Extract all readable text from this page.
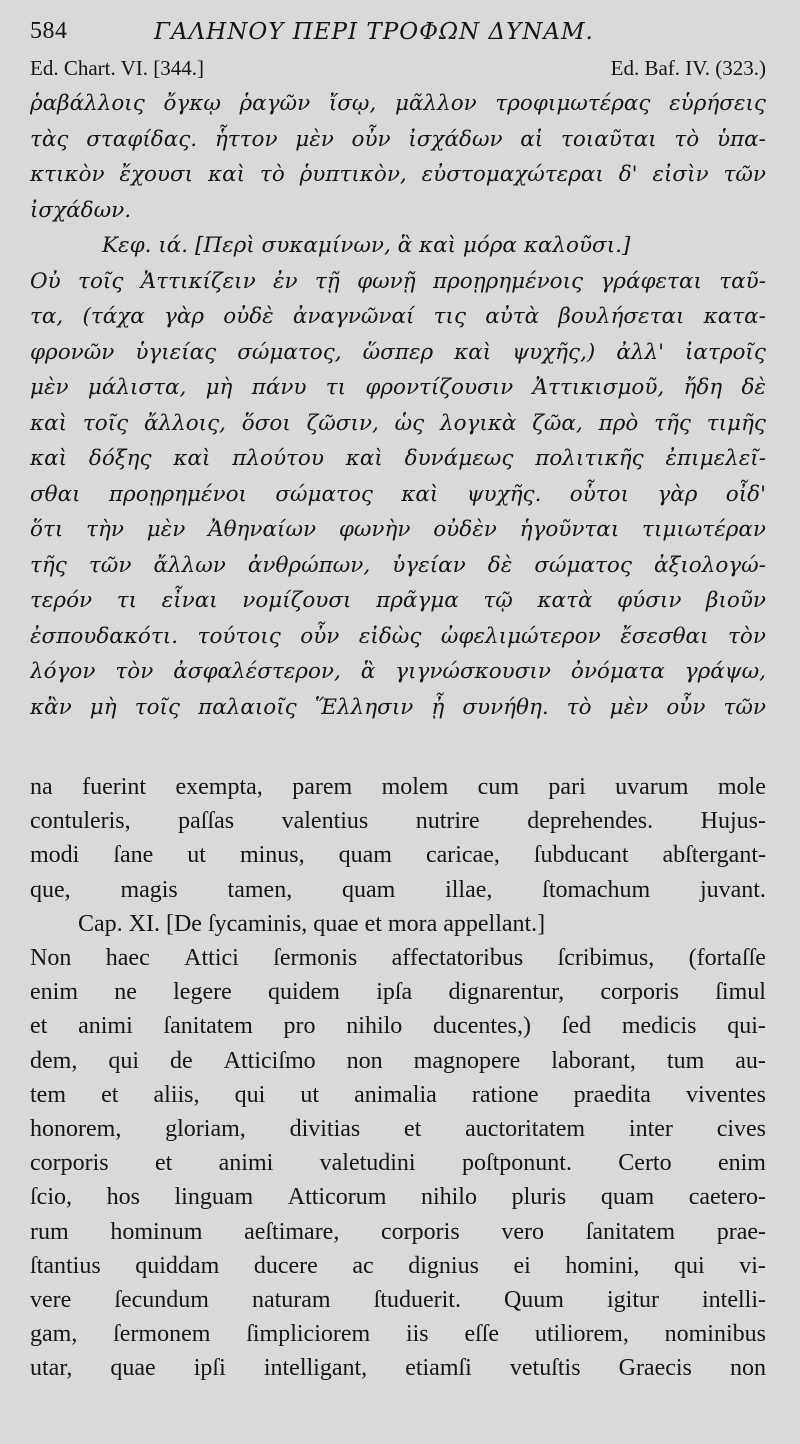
584	ΓΑΛΗΝΟΥ ΠΕΡΙ ΤΡΟΦΩΝ ΔΥΝΑΜ.
Ed. Chart. VI. [344.]	Ed. Baf. IV. (323.)
ῥαβάλλοις ὄγκῳ ῥαγῶν ἴσῳ, μᾶλλον τροφιμωτέρας εὑρήσεις
τὰς σταφίδας. ἧττον μὲν οὖν ἰσχάδων αἱ τοιαῦται τὸ ὑπα-
κτικὸν ἔχουσι καὶ τὸ ῥυπτικὸν, εὐστομαχώτεραι δ' εἰσὶν τῶν
ἰσχάδων.
Κεφ. ιά. [Περὶ συκαμίνων, ἃ καὶ μόρα καλοῦσι.]
Οὐ τοῖς Ἀττικίζειν ἐν τῇ φωνῇ προῃρημένοις γράφεται ταῦ-
τα, (τάχα γὰρ οὐδὲ ἀναγνῶναί τις αὐτὰ βουλήσεται κατα-
φρονῶν ὑγιείας σώματος, ὥσπερ καὶ ψυχῆς,) ἀλλ' ἰατροῖς
μὲν μάλιστα, μὴ πάνυ τι φροντίζουσιν Ἀττικισμοῦ, ἤδη δὲ
καὶ τοῖς ἄλλοις, ὅσοι ζῶσιν, ὡς λογικὰ ζῶα, πρὸ τῆς τιμῆς
καὶ δόξης καὶ πλούτου καὶ δυνάμεως πολιτικῆς ἐπιμελεῖ-
σθαι προῃρημένοι σώματος καὶ ψυχῆς. οὗτοι γὰρ οἶδ'
ὅτι τὴν μὲν Ἀθηναίων φωνὴν οὐδὲν ἡγοῦνται τιμιωτέραν
τῆς τῶν ἄλλων ἀνθρώπων, ὑγείαν δὲ σώματος ἀξιολογώ-
τερόν τι εἶναι νομίζουσι πρᾶγμα τῷ κατὰ φύσιν βιοῦν
ἐσπουδακότι. τούτοις οὖν εἰδὼς ὠφελιμώτερον ἔσεσθαι τὸν
λόγον τὸν ἀσφαλέστερον, ἃ γιγνώσκουσιν ὀνόματα γράψω,
κἂν μὴ τοῖς παλαιοῖς Ἕλλησιν ᾖ συνήθη. τὸ μὲν οὖν τῶν
na fuerint exempta, parem molem cum pari uvarum mole
contuleris, paſſas valentius nutrire deprehendes. Hujus-
modi ſane ut minus, quam caricae, ſubducant abſtergant-
que, magis tamen, quam illae, ſtomachum juvant.
Cap. XI. [De ſycaminis, quae et mora appellant.]
Non haec Attici ſermonis affectatoribus ſcribimus, (fortaſſe
enim ne legere quidem ipſa dignarentur, corporis ſimul
et animi ſanitatem pro nihilo ducentes,) ſed medicis qui-
dem, qui de Atticiſmo non magnopere laborant, tum au-
tem et aliis, qui ut animalia ratione praedita viventes
honorem, gloriam, divitias et auctoritatem inter cives
corporis et animi valetudini poſtponunt. Certo enim
ſcio, hos linguam Atticorum nihilo pluris quam caetero-
rum hominum aeſtimare, corporis vero ſanitatem prae-
ſtantius quiddam ducere ac dignius ei homini, qui vi-
vere ſecundum naturam ſtuduerit. Quum igitur intelli-
gam, ſermonem ſimpliciorem iis eſſe utiliorem, nominibus
utar, quae ipſi intelligant, etiamſi vetuſtis Graecis non
